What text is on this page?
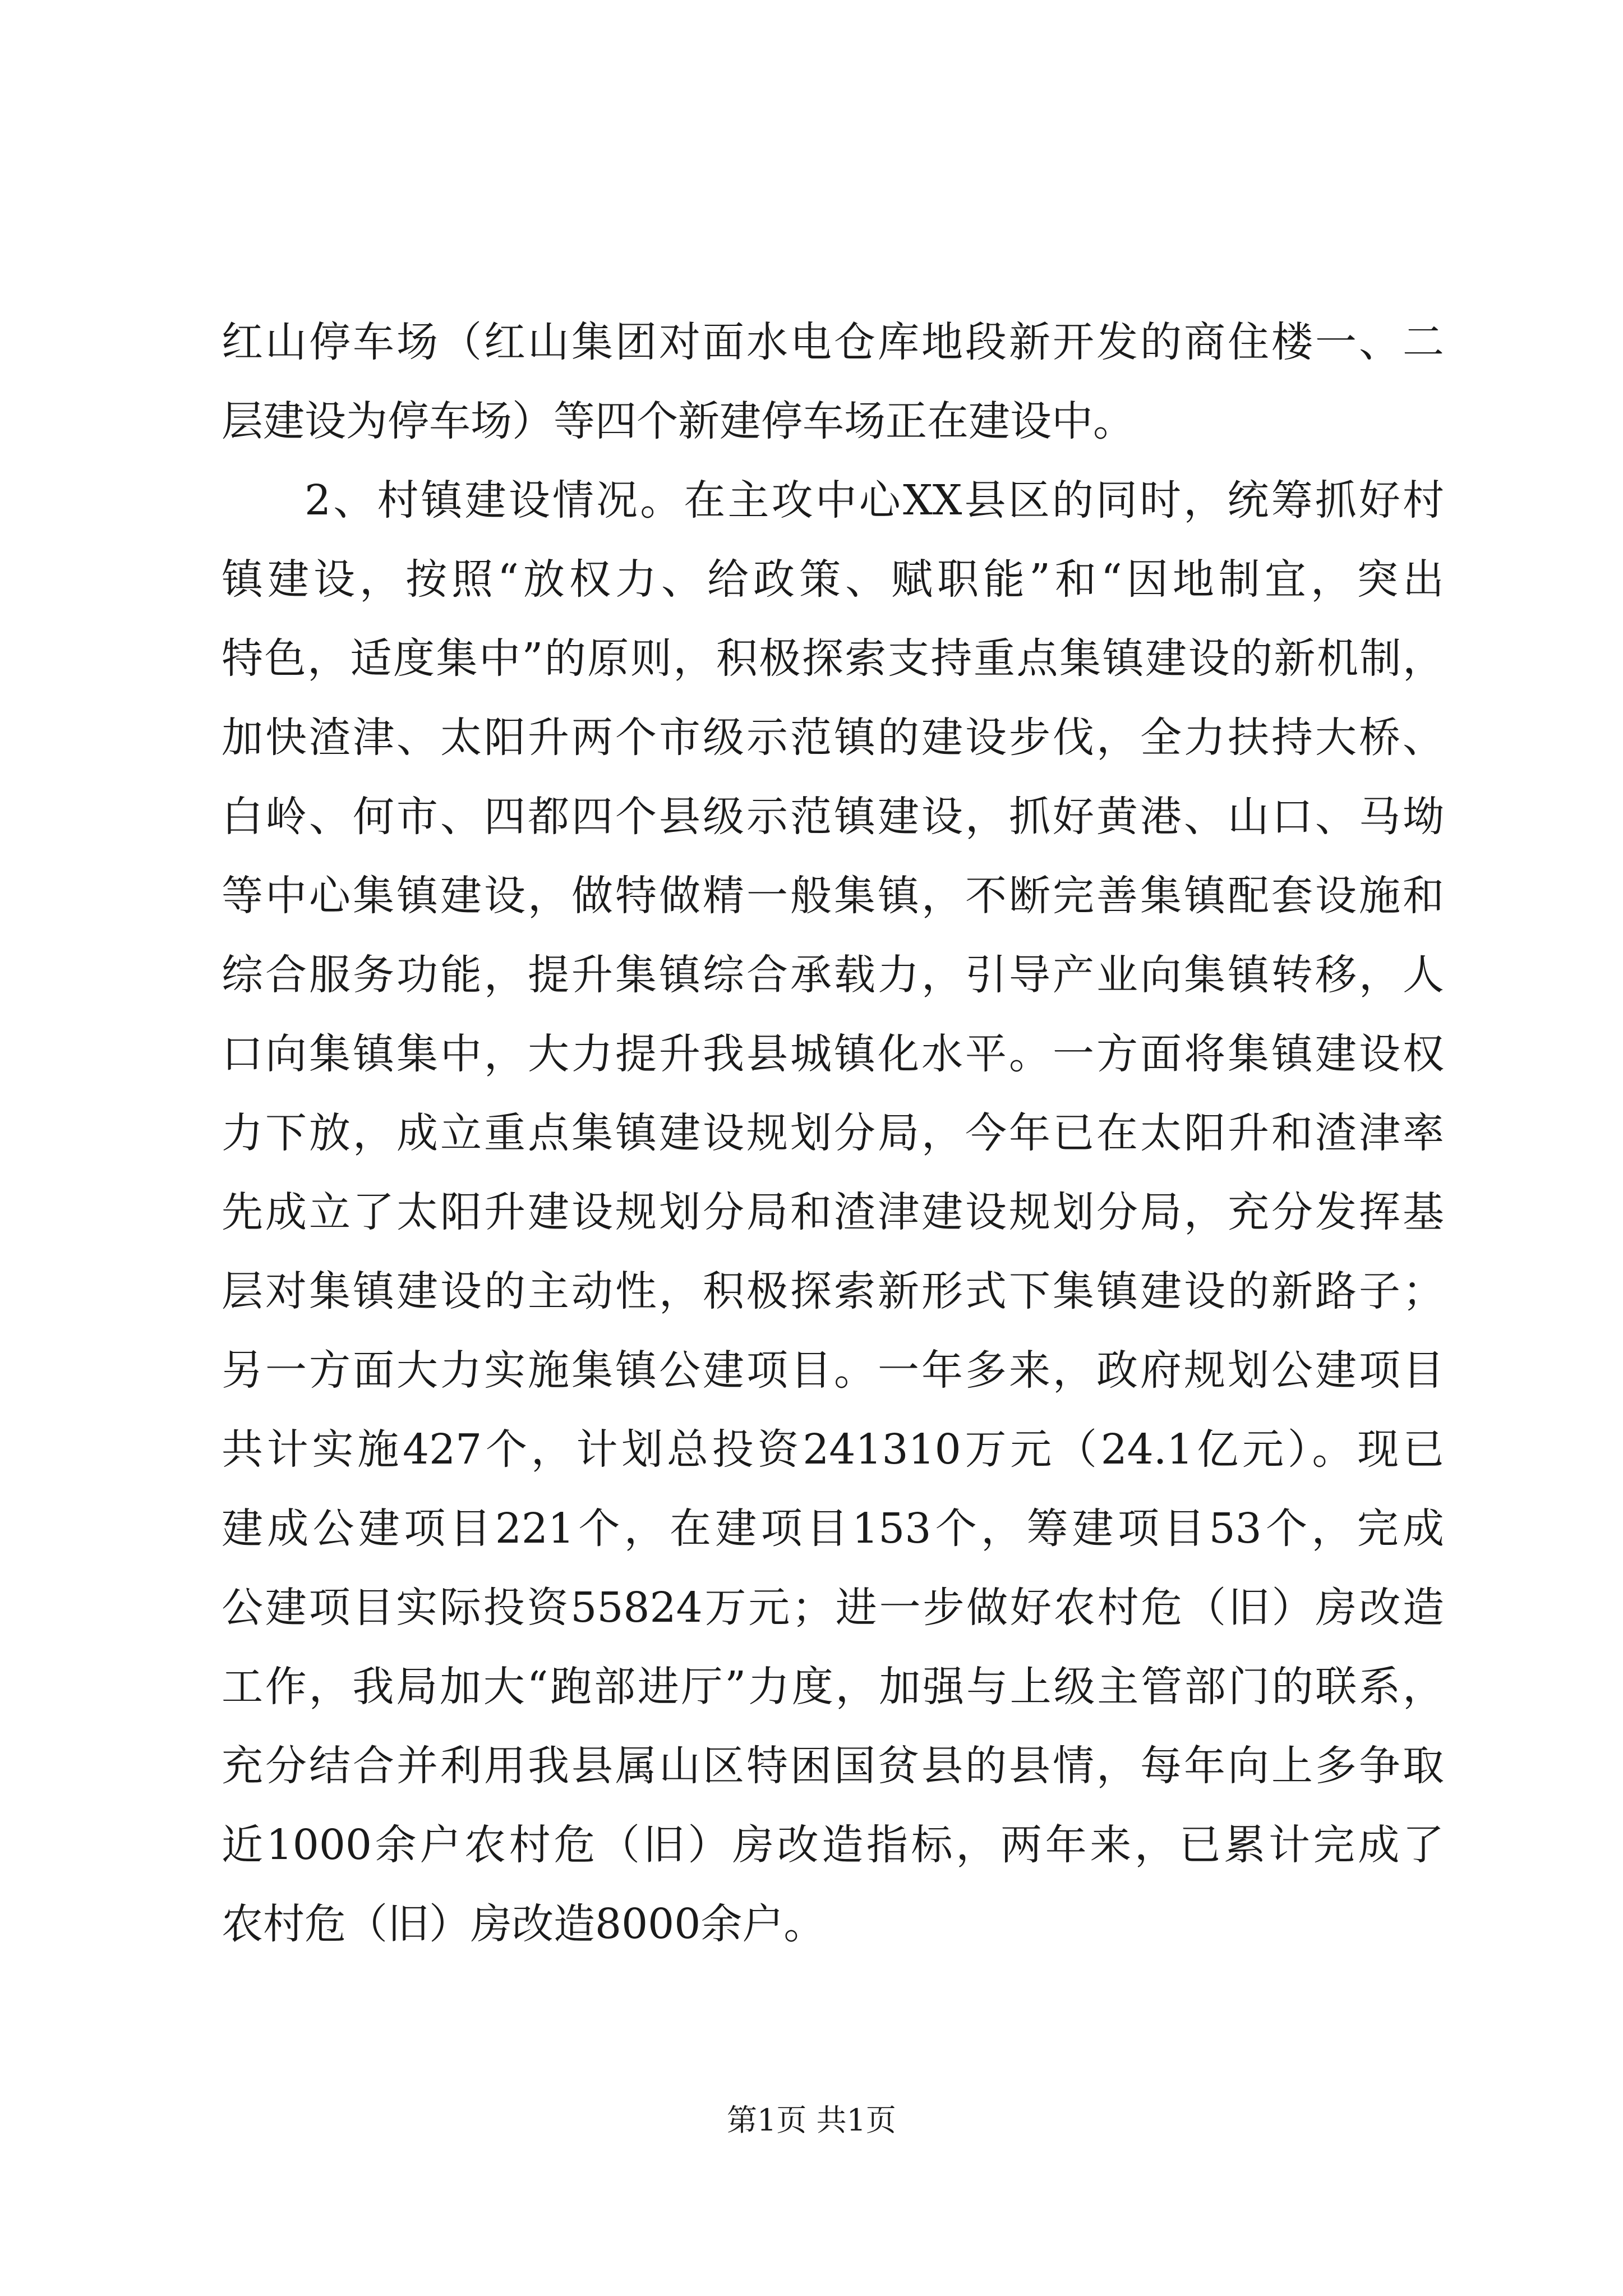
红山停车场（红山集团对面水电仓库地段新开发的商住楼一、二
层建设为停车场）等四个新建停车场正在建设中。
2、村镇建设情况。在主攻中心XX县区的同时，统筹抓好村
镇建设，按照“放权力、给政策、赋职能”和“因地制宜，突出
特色，适度集中”的原则，积极探索支持重点集镇建设的新机制，
加快渣津、太阳升两个市级示范镇的建设步伐，全力扶持大桥、
白岭、何市、四都四个县级示范镇建设，抓好黄港、山口、马坳
等中心集镇建设，做特做精一般集镇，不断完善集镇配套设施和
综合服务功能，提升集镇综合承载力，引导产业向集镇转移，人
口向集镇集中，大力提升我县城镇化水平。一方面将集镇建设权
力下放，成立重点集镇建设规划分局，今年已在太阳升和渣津率
先成立了太阳升建设规划分局和渣津建设规划分局，充分发挥基
层对集镇建设的主动性，积极探索新形式下集镇建设的新路子；
另一方面大力实施集镇公建项目。一年多来，政府规划公建项目
共计实施427个，计划总投资241310万元（24.1亿元）。现已
建成公建项目221个，在建项目153个，筹建项目53个，完成
公建项目实际投资55824万元；进一步做好农村危（旧）房改造
工作，我局加大“跑部进厅”力度，加强与上级主管部门的联系，
充分结合并利用我县属山区特困国贫县的县情，每年向上多争取
近1000余户农村危（旧）房改造指标，两年来，已累计完成了
农村危（旧）房改造8000余户。
第1页 共1页
